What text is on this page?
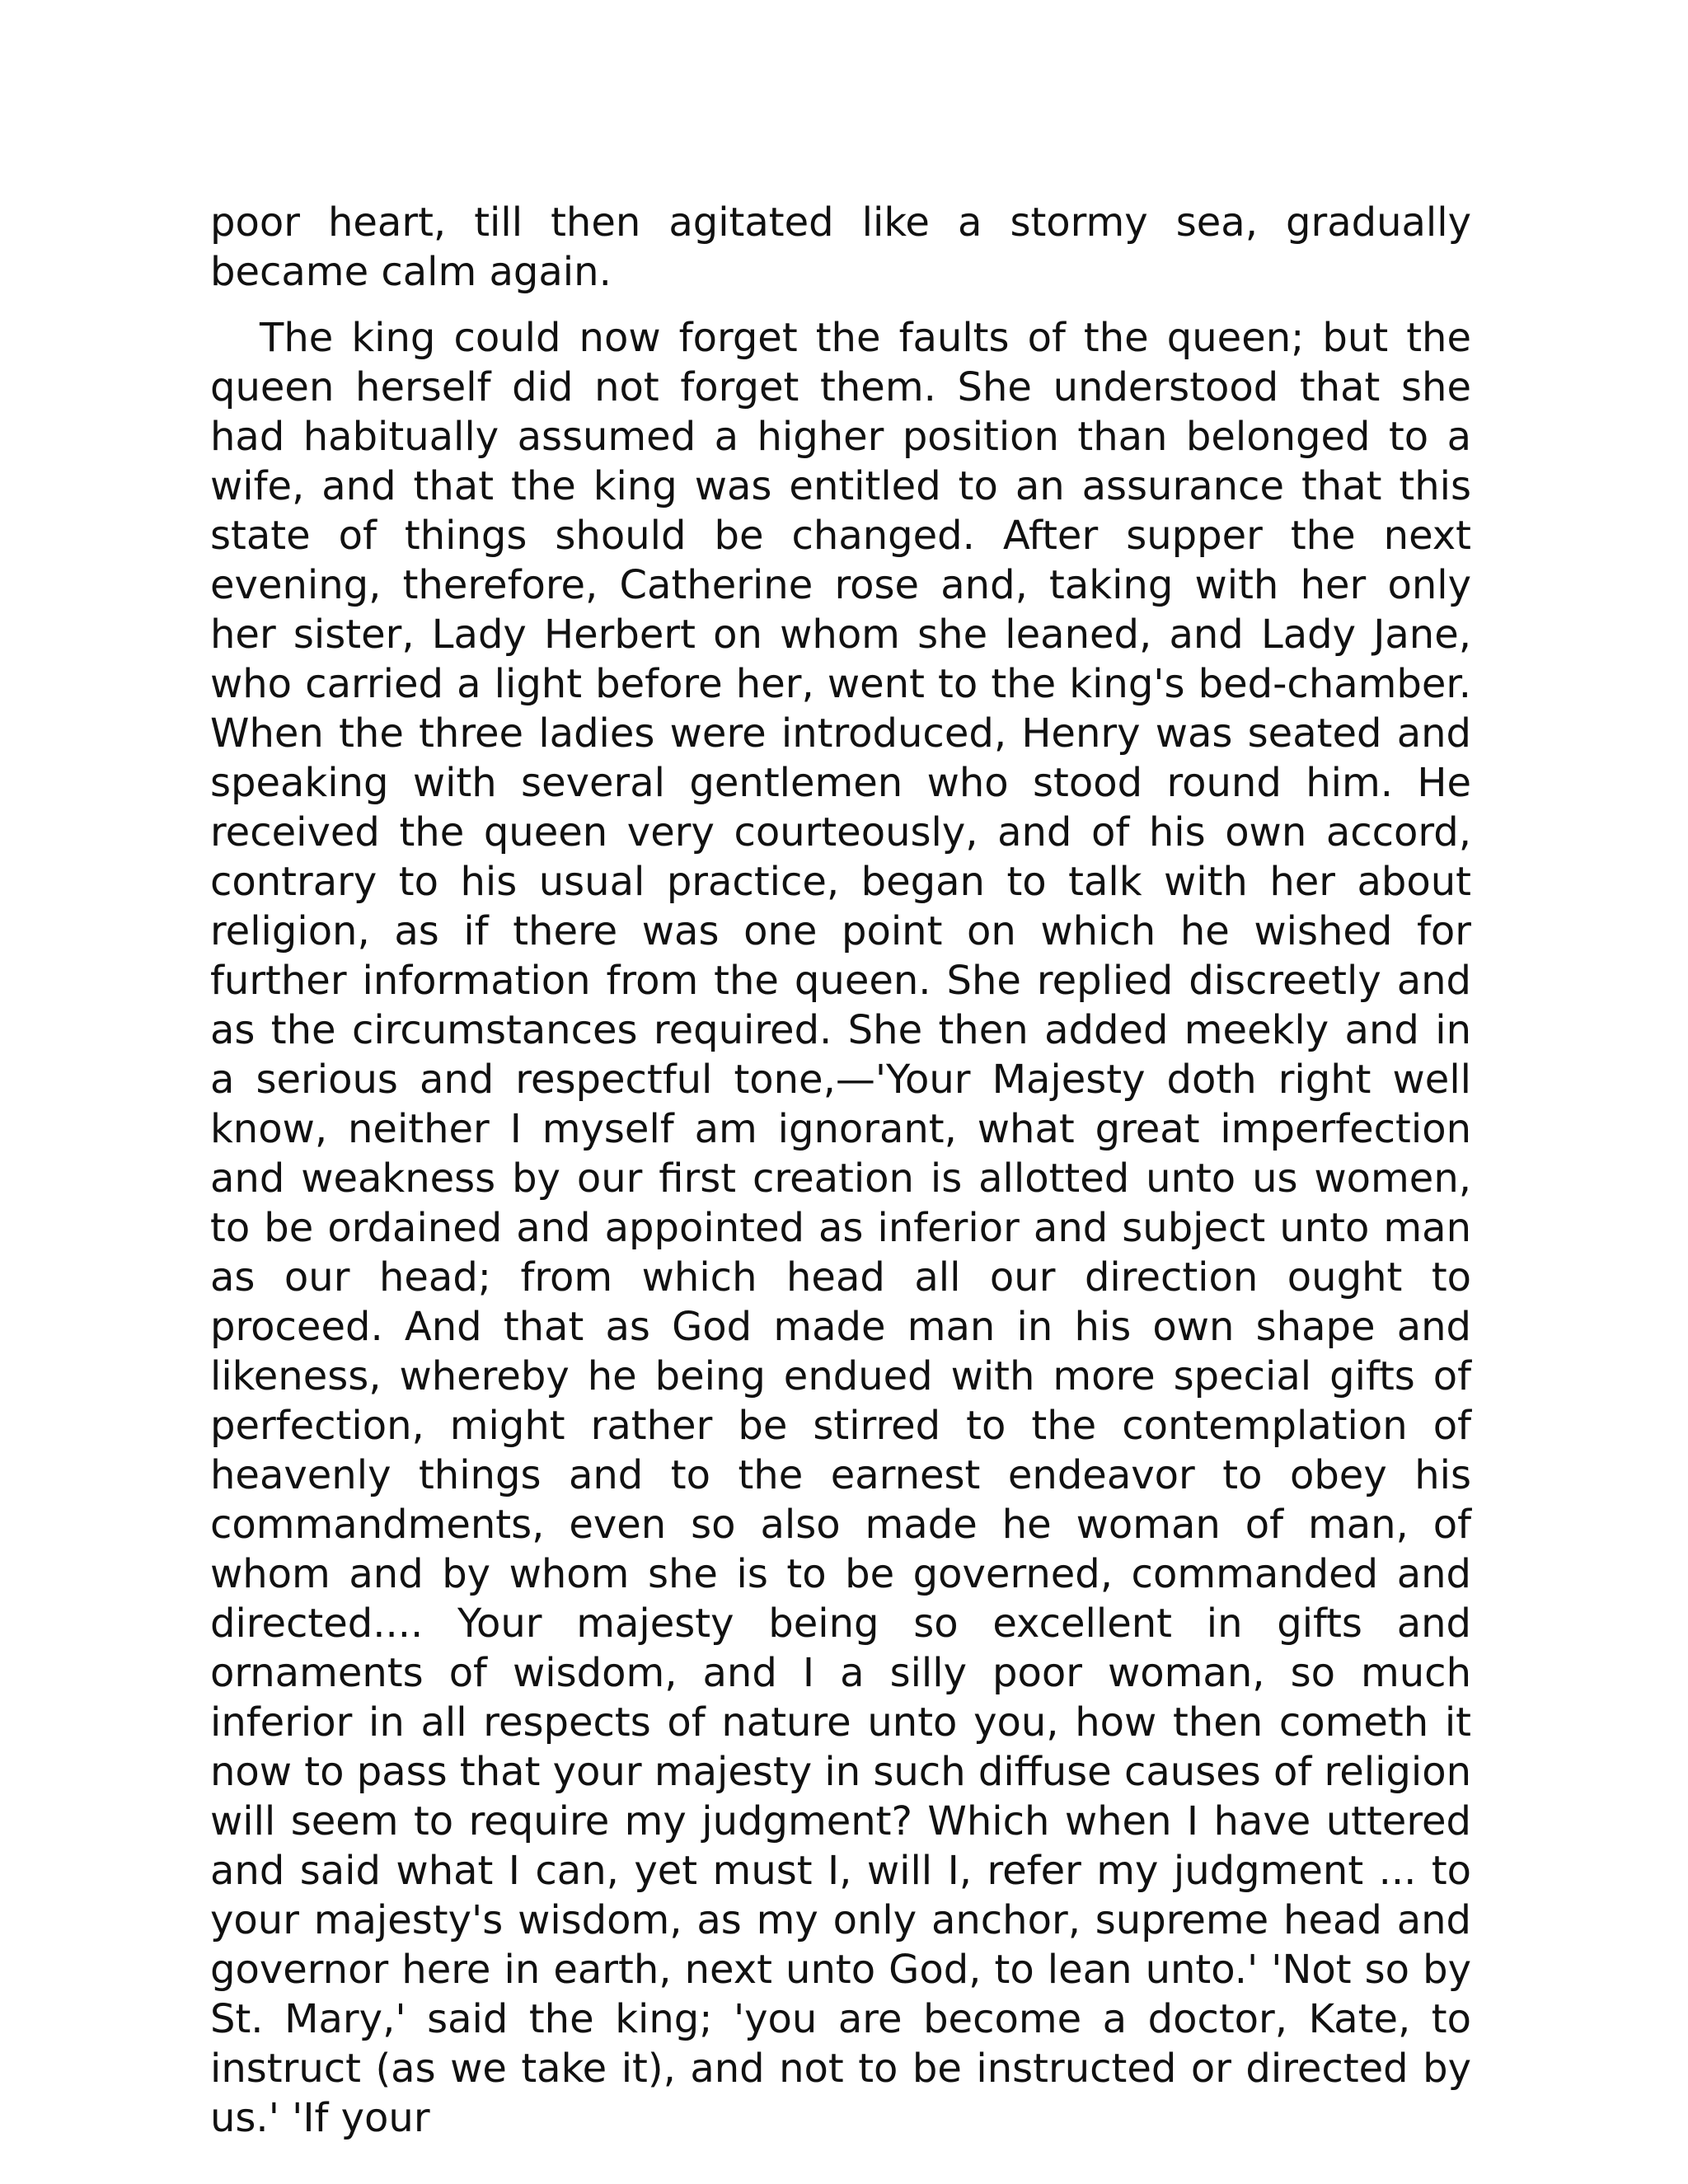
poor heart, till then agitated like a stormy sea, gradually became calm again.

The king could now forget the faults of the queen; but the queen herself did not forget them. She understood that she had habitually assumed a higher position than belonged to a wife, and that the king was entitled to an assurance that this state of things should be changed. After supper the next evening, therefore, Catherine rose and, taking with her only her sister, Lady Herbert on whom she leaned, and Lady Jane, who carried a light before her, went to the king's bed-chamber. When the three ladies were introduced, Henry was seated and speaking with several gentlemen who stood round him. He received the queen very courteously, and of his own accord, contrary to his usual practice, began to talk with her about religion, as if there was one point on which he wished for further information from the queen. She replied discreetly and as the circumstances required. She then added meekly and in a serious and respectful tone,—'Your Majesty doth right well know, neither I myself am ignorant, what great imperfection and weakness by our first creation is allotted unto us women, to be ordained and appointed as inferior and subject unto man as our head; from which head all our direction ought to proceed. And that as God made man in his own shape and likeness, whereby he being endued with more special gifts of perfection, might rather be stirred to the contemplation of heavenly things and to the earnest endeavor to obey his commandments, even so also made he woman of man, of whom and by whom she is to be governed, commanded and directed.... Your majesty being so excellent in gifts and ornaments of wisdom, and I a silly poor woman, so much inferior in all respects of nature unto you, how then cometh it now to pass that your majesty in such diffuse causes of religion will seem to require my judgment? Which when I have uttered and said what I can, yet must I, will I, refer my judgment ... to your majesty's wisdom, as my only anchor, supreme head and governor here in earth, next unto God, to lean unto.' 'Not so by St. Mary,' said the king; 'you are become a doctor, Kate, to instruct (as we take it), and not to be instructed or directed by us.' 'If your
